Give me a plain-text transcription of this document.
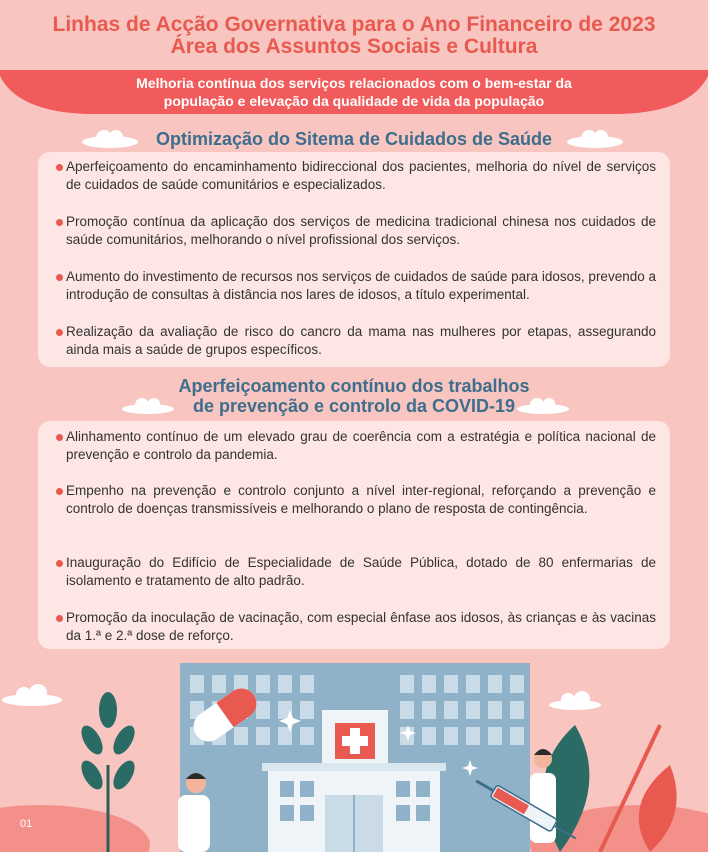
Linhas de Acção Governativa para o Ano Financeiro de 2023
Área dos Assuntos Sociais e Cultura
Melhoria contínua dos serviços relacionados com o bem-estar da
população e elevação da qualidade de vida da população
Optimização do Sitema de Cuidados de Saúde
Aperfeiçoamento do encaminhamento bidireccional dos pacientes, melhoria do nível de serviços de cuidados de saúde comunitários e especializados.
Promoção contínua da aplicação dos serviços de medicina tradicional chinesa nos cuidados de saúde comunitários, melhorando o nível profissional dos serviços.
Aumento do investimento de recursos nos serviços de cuidados de saúde para idosos, prevendo a introdução de consultas à distância nos lares de idosos, a título experimental.
Realização da avaliação de risco do cancro da mama nas mulheres por etapas, assegurando ainda mais a saúde de grupos específicos.
Aperfeiçoamento contínuo dos trabalhos
de prevenção e controlo da COVID-19
Alinhamento contínuo de um elevado grau de coerência com a estratégia e política nacional de prevenção e controlo da pandemia.
Empenho na prevenção e controlo conjunto a nível inter-regional, reforçando a prevenção e controlo de doenças transmissíveis e melhorando o plano de resposta de contingência.
Inauguração do Edifício de Especialidade de Saúde Pública, dotado de 80 enfermarias de isolamento e tratamento de alto padrão.
Promoção da inoculação de vacinação, com especial ênfase aos idosos, às crianças e às vacinas da 1.ª e 2.ª dose de reforço.
01
